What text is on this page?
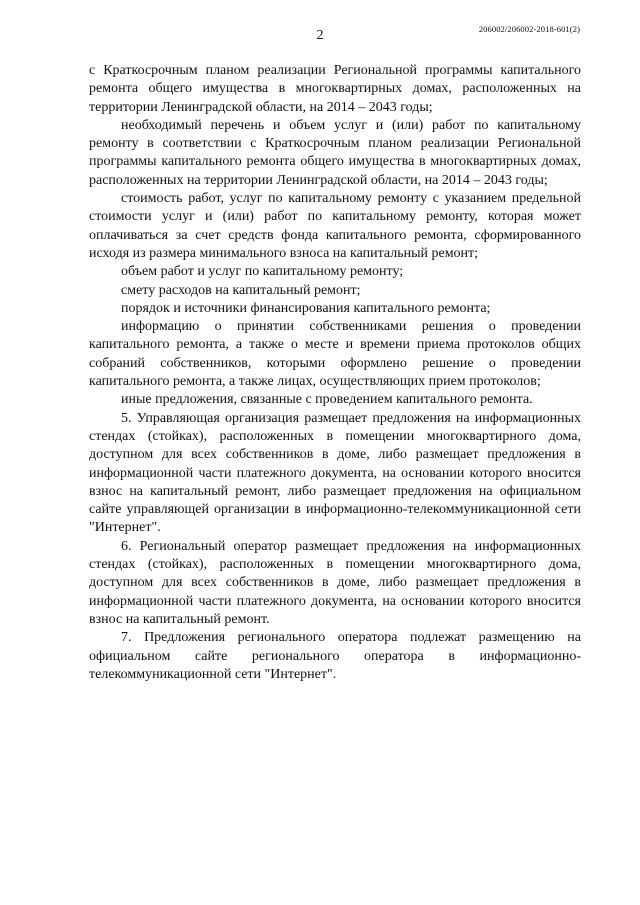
2	206002/206002-2018-601(2)

с Краткосрочным планом реализации Региональной программы капитального ремонта общего имущества в многоквартирных домах, расположенных на территории Ленинградской области, на 2014 – 2043 годы;

необходимый перечень и объем услуг и (или) работ по капитальному ремонту в соответствии с Краткосрочным планом реализации Региональной программы капитального ремонта общего имущества в многоквартирных домах, расположенных на территории Ленинградской области, на 2014 – 2043 годы;

стоимость работ, услуг по капитальному ремонту с указанием предельной стоимости услуг и (или) работ по капитальному ремонту, которая может оплачиваться за счет средств фонда капитального ремонта, сформированного исходя из размера минимального взноса на капитальный ремонт;

объем работ и услуг по капитальному ремонту;

смету расходов на капитальный ремонт;

порядок и источники финансирования капитального ремонта;

информацию о принятии собственниками решения о проведении капитального ремонта, а также о месте и времени приема протоколов общих собраний собственников, которыми оформлено решение о проведении капитального ремонта, а также лицах, осуществляющих прием протоколов;

иные предложения, связанные с проведением капитального ремонта.

5. Управляющая организация размещает предложения на информационных стендах (стойках), расположенных в помещении многоквартирного дома, доступном для всех собственников в доме, либо размещает предложения в информационной части платежного документа, на основании которого вносится взнос на капитальный ремонт, либо размещает предложения на официальном сайте управляющей организации в информационно-телекоммуникационной сети "Интернет".

6. Региональный оператор размещает предложения на информационных стендах (стойках), расположенных в помещении многоквартирного дома, доступном для всех собственников в доме, либо размещает предложения в информационной части платежного документа, на основании которого вносится взнос на капитальный ремонт.

7. Предложения регионального оператора подлежат размещению на официальном сайте регионального оператора в информационно-телекоммуникационной сети "Интернет".
